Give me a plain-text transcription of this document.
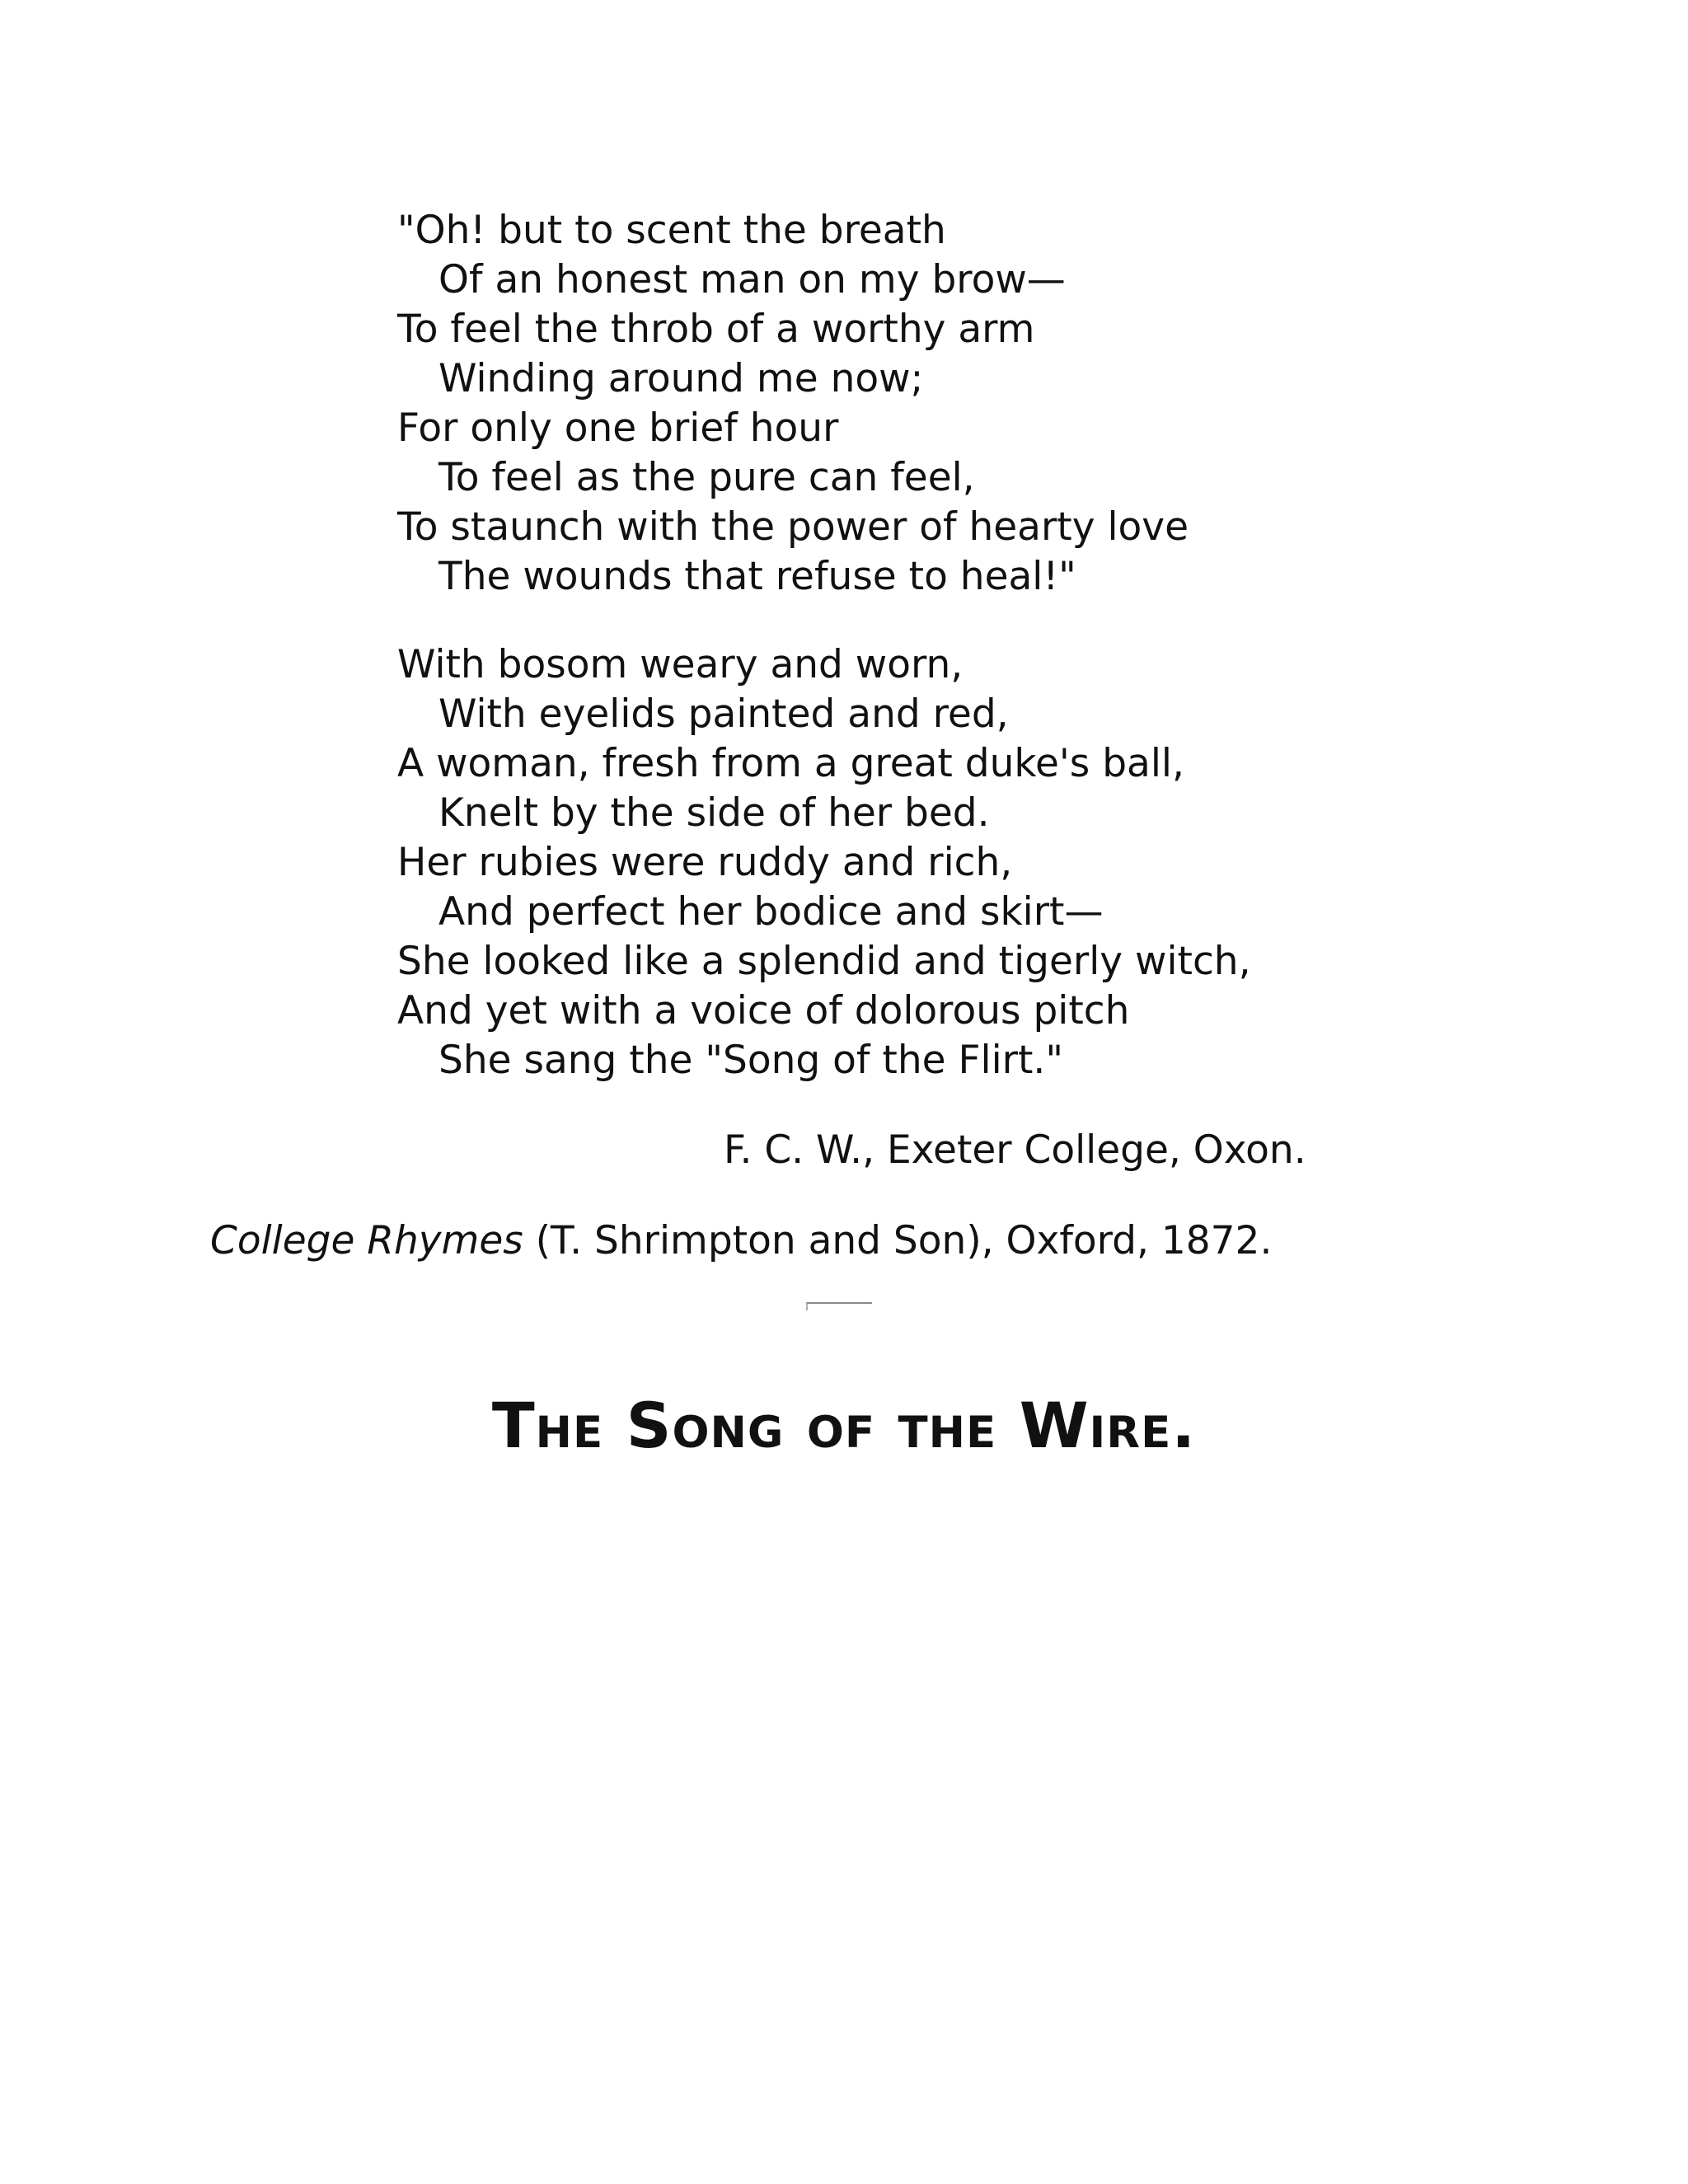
"Oh! but to scent the breath
Of an honest man on my brow—
To feel the throb of a worthy arm
Winding around me now;
For only one brief hour
To feel as the pure can feel,
To staunch with the power of hearty love
The wounds that refuse to heal!"
With bosom weary and worn,
With eyelids painted and red,
A woman, fresh from a great duke's ball,
Knelt by the side of her bed.
Her rubies were ruddy and rich,
And perfect her bodice and skirt—
She looked like a splendid and tigerly witch,
And yet with a voice of dolorous pitch
She sang the "Song of the Flirt."
F. C. W., Exeter College, Oxon.
College Rhymes (T. Shrimpton and Son), Oxford, 1872.
The Song of the Wire.
